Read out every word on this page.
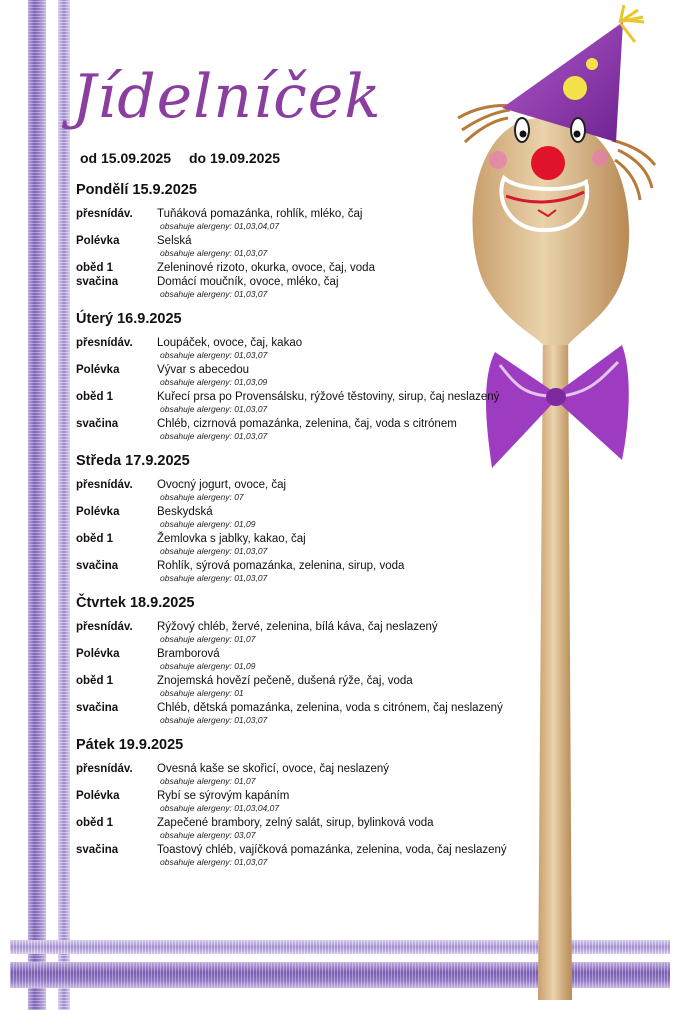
Jídelníček
od 15.09.2025 do 19.09.2025
Pondělí 15.9.2025
přesnídáv.	Tuňáková pomazánka, rohlík, mléko, čaj
obsahuje alergeny: 01,03,04,07
Polévka	Selská
obsahuje alergeny: 01,03,07
oběd 1	Zeleninové rizoto, okurka, ovoce, čaj, voda
svačina	Domácí moučník, ovoce, mléko, čaj
obsahuje alergeny: 01,03,07
Úterý 16.9.2025
přesnídáv.	Loupáček, ovoce, čaj, kakao
obsahuje alergeny: 01,03,07
Polévka	Vývar s abecedou
obsahuje alergeny: 01,03,09
oběd 1	Kuřecí prsa po Provensálsku, rýžové těstoviny, sirup, čaj neslazený
obsahuje alergeny: 01,03,07
svačina	Chléb, cizrnová pomazánka, zelenina, čaj, voda s citrónem
obsahuje alergeny: 01,03,07
Středa 17.9.2025
přesnídáv.	Ovocný jogurt, ovoce, čaj
obsahuje alergeny: 07
Polévka	Beskydská
obsahuje alergeny: 01,09
oběd 1	Žemlovka s jablky, kakao, čaj
obsahuje alergeny: 01,03,07
svačina	Rohlík, sýrová pomazánka, zelenina, sirup, voda
obsahuje alergeny: 01,03,07
Čtvrtek 18.9.2025
přesnídáv.	Rýžový chléb, žervé, zelenina, bílá káva, čaj neslazený
obsahuje alergeny: 01,07
Polévka	Bramborová
obsahuje alergeny: 01,09
oběd 1	Znojemská hovězí pečeně, dušená rýže, čaj, voda
obsahuje alergeny: 01
svačina	Chléb, dětská pomazánka, zelenina, voda s citrónem, čaj neslazený
obsahuje alergeny: 01,03,07
Pátek 19.9.2025
přesnídáv.	Ovesná kaše se skořicí, ovoce, čaj neslazený
obsahuje alergeny: 01,07
Polévka	Rybí se sýrovým kapáním
obsahuje alergeny: 01,03,04,07
oběd 1	Zapečené brambory, zelný salát, sirup, bylinková voda
obsahuje alergeny: 03,07
svačina	Toastový chléb, vajíčková pomazánka, zelenina, voda, čaj neslazený
obsahuje alergeny: 01,03,07
